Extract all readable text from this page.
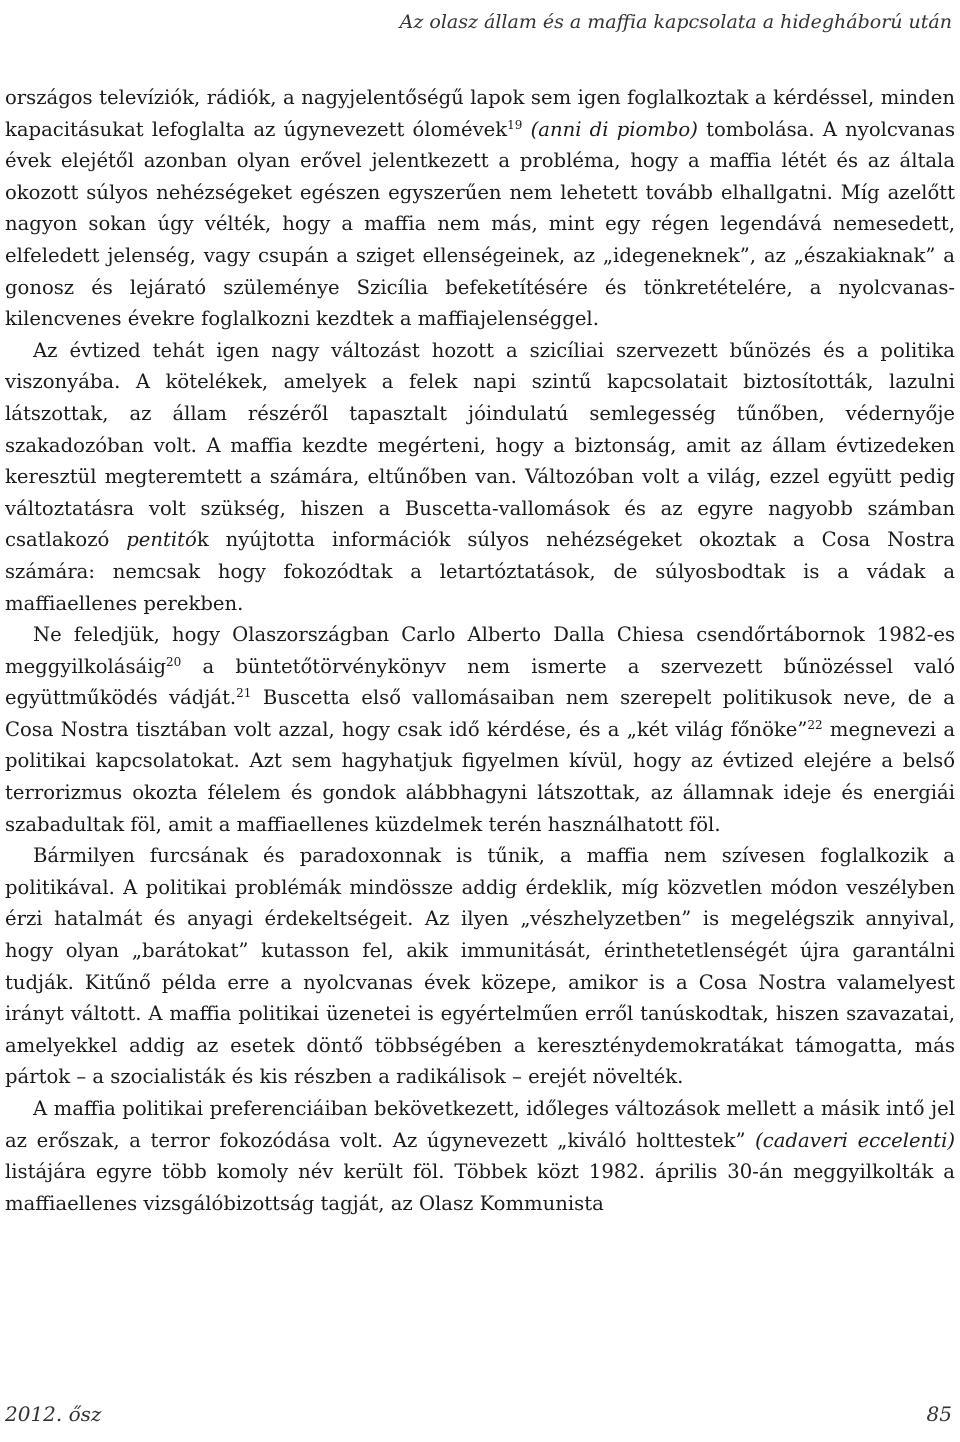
Az olasz állam és a maffia kapcsolata a hidegháború után

országos televíziók, rádiók, a nagyjelentőségű lapok sem igen foglalkoztak a kérdéssel, minden kapacitásukat lefoglalta az úgynevezett ólomévek$^{19}$ (anni di piombo) tombolása. A nyolcvanas évek elejétől azonban olyan erővel jelentkezett a probléma, hogy a maffia létét és az általa okozott súlyos nehézségeket egészen egyszerűen nem lehetett tovább elhallgatni. Míg azelőtt nagyon sokan úgy vélték, hogy a maffia nem más, mint egy régen legendává nemesedett, elfeledett jelenség, vagy csupán a sziget ellenségeinek, az „idegeneknek”, az „északiaknak” a gonosz és lejárató szüleménye Szicília befeketítésére és tönkretételére, a nyolcvanas-kilencvenes évekre foglalkozni kezdtek a maffiajelenséggel.

Az évtized tehát igen nagy változást hozott a szicíliai szervezett bűnözés és a politika viszonyába. A kötelékek, amelyek a felek napi szintű kapcsolatait biztosították, lazulni látszottak, az állam részéről tapasztalt jóindulatú semlegesség tűnőben, védernyője szakadozóban volt. A maffia kezdte megérteni, hogy a biztonság, amit az állam évtizedeken keresztül megteremtett a számára, eltűnőben van. Változóban volt a világ, ezzel együtt pedig változtatásra volt szükség, hiszen a Buscetta-vallomások és az egyre nagyobb számban csatlakozó pentitók nyújtotta információk súlyos nehézségeket okoztak a Cosa Nostra számára: nemcsak hogy fokozódtak a letartóztatások, de súlyosbodtak is a vádak a maffiaellenes perekben.

Ne feledjük, hogy Olaszországban Carlo Alberto Dalla Chiesa csendőrtábornok 1982-es meggyilkolásáig$^{20}$ a büntetőtörvénykönyv nem ismerte a szervezett bűnözéssel való együttműködés vádját.$^{21}$ Buscetta első vallomásaiban nem szerepelt politikusok neve, de a Cosa Nostra tisztában volt azzal, hogy csak idő kérdése, és a „két világ főnöke”$^{22}$ megnevezi a politikai kapcsolatokat. Azt sem hagyhatjuk figyelmen kívül, hogy az évtized elejére a belső terrorizmus okozta félelem és gondok alábbhagyni látszottak, az államnak ideje és energiái szabadultak föl, amit a maffiaellenes küzdelmek terén használhatott föl.

Bármilyen furcsának és paradoxonnak is tűnik, a maffia nem szívesen foglalkozik a politikával. A politikai problémák mindössze addig érdeklik, míg közvetlen módon veszélyben érzi hatalmát és anyagi érdekeltségeit. Az ilyen „vészhelyzetben” is megelégszik annyival, hogy olyan „barátokat” kutasson fel, akik immunitását, érinthetetlenségét újra garantálni tudják. Kitűnő példa erre a nyolcvanas évek közepe, amikor is a Cosa Nostra valamelyest irányt váltott. A maffia politikai üzenetei is egyértelműen erről tanúskodtak, hiszen szavazatai, amelyekkel addig az esetek döntő többségében a kereszténydemokratákat támogatta, más pártok – a szocialisták és kis részben a radikálisok – erejét növelték.

A maffia politikai preferenciáiban bekövetkezett, időleges változások mellett a másik intő jel az erőszak, a terror fokozódása volt. Az úgynevezett „kiváló holttestek” (cadaveri eccelenti) listájára egyre több komoly név került föl. Többek közt 1982. április 30-án meggyilkolták a maffiaellenes vizsgálóbizottság tagját, az Olasz Kommunista

2012. ősz	85
